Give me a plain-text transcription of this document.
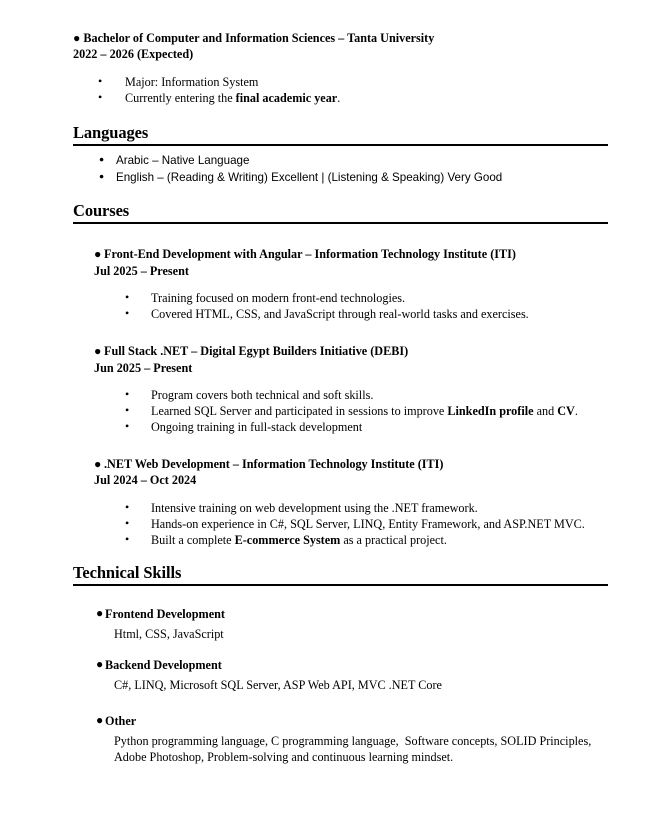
● Bachelor of Computer and Information Sciences – Tanta University
2022 – 2026 (Expected)
• Major: Information System
• Currently entering the final academic year.
Languages
● Arabic – Native Language
● English – (Reading & Writing) Excellent | (Listening & Speaking) Very Good
Courses
● Front-End Development with Angular – Information Technology Institute (ITI)
Jul 2025 – Present
• Training focused on modern front-end technologies.
• Covered HTML, CSS, and JavaScript through real-world tasks and exercises.
● Full Stack .NET – Digital Egypt Builders Initiative (DEBI)
Jun 2025 – Present
• Program covers both technical and soft skills.
• Learned SQL Server and participated in sessions to improve LinkedIn profile and CV.
• Ongoing training in full-stack development
● .NET Web Development – Information Technology Institute (ITI)
Jul 2024 – Oct 2024
• Intensive training on web development using the .NET framework.
• Hands-on experience in C#, SQL Server, LINQ, Entity Framework, and ASP.NET MVC.
• Built a complete E-commerce System as a practical project.
Technical Skills
● Frontend Development
Html, CSS, JavaScript
● Backend Development
C#, LINQ, Microsoft SQL Server, ASP Web API, MVC .NET Core
● Other
Python programming language, C programming language,  Software concepts, SOLID Principles, Adobe Photoshop, Problem-solving and continuous learning mindset.
